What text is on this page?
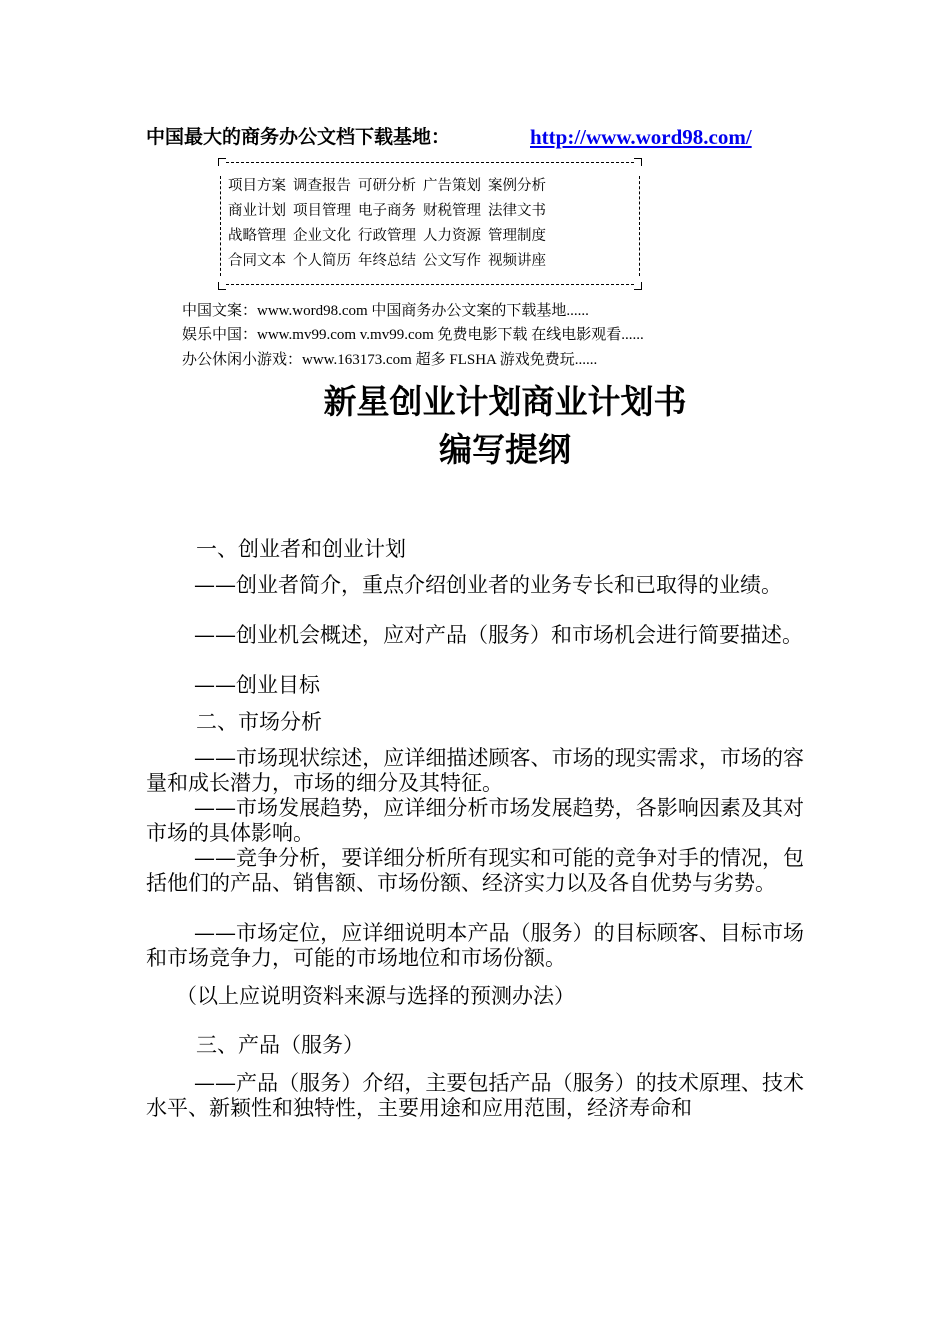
中国最大的商务办公文档下载基地：	http://www.word98.com/
项目方案 调查报告 可研分析 广告策划 案例分析
商业计划 项目管理 电子商务 财税管理 法律文书
战略管理 企业文化 行政管理 人力资源 管理制度
合同文本 个人简历 年终总结 公文写作 视频讲座
中国文案：www.word98.com 中国商务办公文案的下载基地......
娱乐中国：www.mv99.com v.mv99.com 免费电影下载 在线电影观看......
办公休闲小游戏：www.163173.com 超多 FLSHA 游戏免费玩......
新星创业计划商业计划书
编写提纲
一、创业者和创业计划
——创业者简介，重点介绍创业者的业务专长和已取得的业绩。
——创业机会概述，应对产品（服务）和市场机会进行简要描述。
——创业目标
二、市场分析
——市场现状综述，应详细描述顾客、市场的现实需求，市场的容量和成长潜力，市场的细分及其特征。
——市场发展趋势，应详细分析市场发展趋势，各影响因素及其对市场的具体影响。
——竞争分析，要详细分析所有现实和可能的竞争对手的情况，包括他们的产品、销售额、市场份额、经济实力以及各自优势与劣势。
——市场定位，应详细说明本产品（服务）的目标顾客、目标市场和市场竞争力，可能的市场地位和市场份额。
（以上应说明资料来源与选择的预测办法）
三、产品（服务）
——产品（服务）介绍，主要包括产品（服务）的技术原理、技术水平、新颖性和独特性，主要用途和应用范围，经济寿命和
